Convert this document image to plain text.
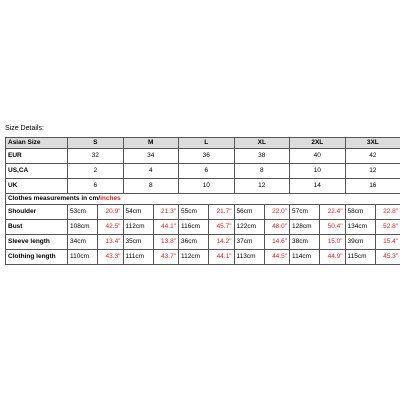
Size Details:
Asian Size	S		M		L		XL		2XL		3XL	
EUR	32		34		36		38		40		42	
US,CA	2		4		6		8		10		12	
UK	6		8		10		12		14		16	
Clothes measurements in cm/inches												
Shoulder	53cm	20.9"	54cm	21.3"	55cm	21.7"	56cm	22.0"	57cm	22.4"	58cm	22.8"
Bust	108cm	42.5"	112cm	44.1"	116cm	45.7"	122cm	48.0"	128cm	50.4"	134cm	52.8"
Sleeve length	34cm	13.4"	35cm	13.8"	36cm	14.2"	37cm	14.6"	38cm	15.0"	39cm	15.4"
Clothing length	110cm	43.3"	111cm	43.7"	112cm	44.1"	113cm	44.5"	114cm	44.9"	115cm	45.3"
